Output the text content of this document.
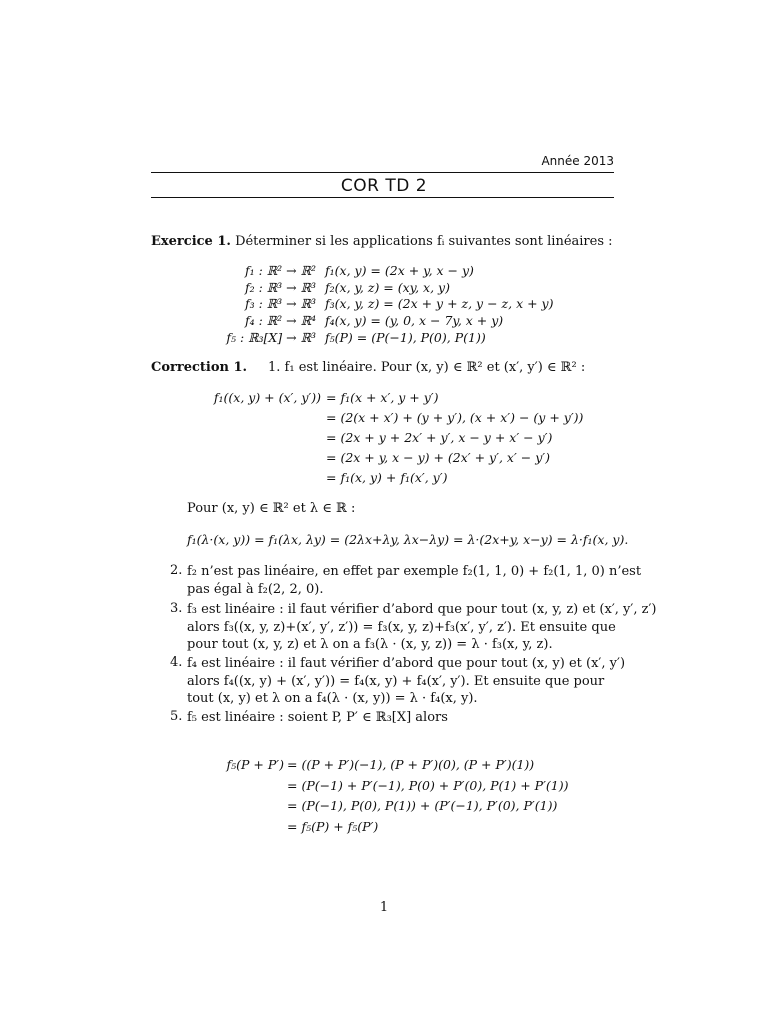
Année 2013
COR TD 2
Exercice 1. Déterminer si les applications fᵢ suivantes sont linéaires :
f₁ : ℝ² → ℝ² f₁(x, y) = (2x + y, x − y)
f₂ : ℝ³ → ℝ³ f₂(x, y, z) = (xy, x, y)
f₃ : ℝ³ → ℝ³ f₃(x, y, z) = (2x + y + z, y − z, x + y)
f₄ : ℝ² → ℝ⁴ f₄(x, y) = (y, 0, x − 7y, x + y)
f₅ : ℝ₃[X] → ℝ³ f₅(P) = (P(−1), P(0), P(1))
Correction 1. 1. f₁ est linéaire. Pour (x, y) ∈ ℝ² et (x′, y′) ∈ ℝ² :
f₁((x, y) + (x′, y′)) = f₁(x + x′, y + y′)
= (2(x + x′) + (y + y′), (x + x′) − (y + y′))
= (2x + y + 2x′ + y′, x − y + x′ − y′)
= (2x + y, x − y) + (2x′ + y′, x′ − y′)
= f₁(x, y) + f₁(x′, y′)
Pour (x, y) ∈ ℝ² et λ ∈ ℝ :
f₁(λ·(x, y)) = f₁(λx, λy) = (2λx+λy, λx−λy) = λ·(2x+y, x−y) = λ·f₁(x, y).
2. f₂ n’est pas linéaire, en effet par exemple f₂(1, 1, 0) + f₂(1, 1, 0) n’est
pas égal à f₂(2, 2, 0).
3. f₃ est linéaire : il faut vérifier d’abord que pour tout (x, y, z) et (x′, y′, z′)
alors f₃((x, y, z)+(x′, y′, z′)) = f₃(x, y, z)+f₃(x′, y′, z′). Et ensuite que
pour tout (x, y, z) et λ on a f₃(λ · (x, y, z)) = λ · f₃(x, y, z).
4. f₄ est linéaire : il faut vérifier d’abord que pour tout (x, y) et (x′, y′)
alors f₄((x, y) + (x′, y′)) = f₄(x, y) + f₄(x′, y′). Et ensuite que pour
tout (x, y) et λ on a f₄(λ · (x, y)) = λ · f₄(x, y).
5. f₅ est linéaire : soient P, P′ ∈ ℝ₃[X] alors
f₅(P + P′) = ((P + P′)(−1), (P + P′)(0), (P + P′)(1))
= (P(−1) + P′(−1), P(0) + P′(0), P(1) + P′(1))
= (P(−1), P(0), P(1)) + (P′(−1), P′(0), P′(1))
= f₅(P) + f₅(P′)
1
